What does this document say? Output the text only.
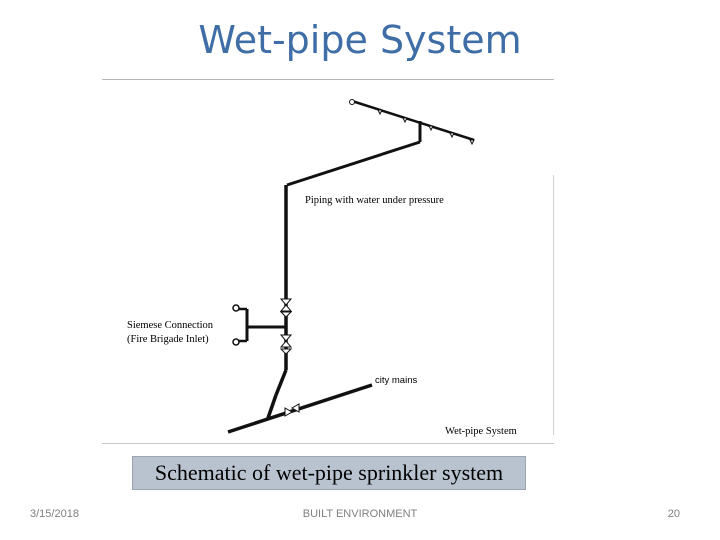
Wet-pipe System
Piping with water under pressure
Siemese Connection
(Fire Brigade Inlet)
city mains
Wet-pipe System
Schematic of wet-pipe sprinkler system
3/15/2018	BUILT ENVIRONMENT	20
